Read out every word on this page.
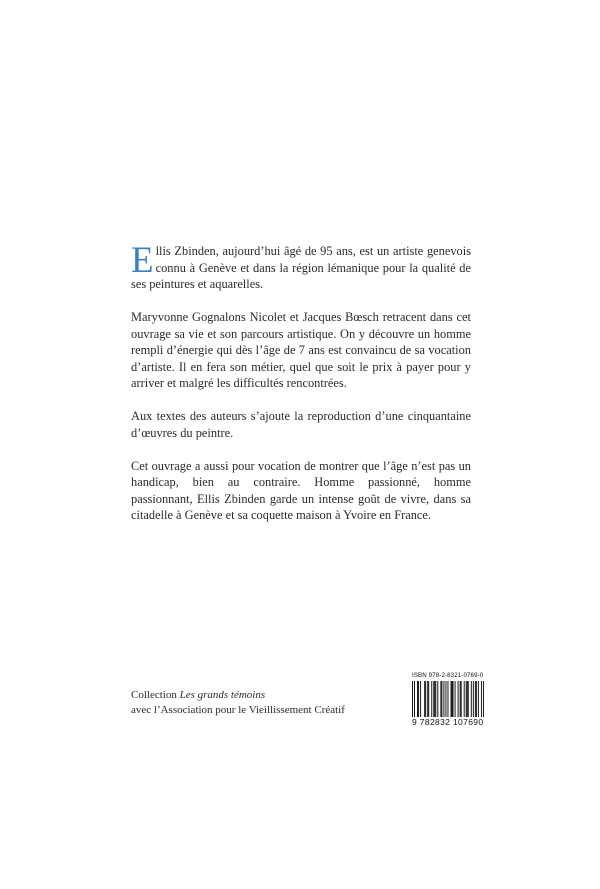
Ellis Zbinden, aujourd’hui âgé de 95 ans, est un artiste genevois connu à Genève et dans la région lémanique pour la qualité de ses peintures et aquarelles.

Maryvonne Gognalons Nicolet et Jacques Bœsch retracent dans cet ouvrage sa vie et son parcours artistique. On y découvre un homme rempli d’énergie qui dès l’âge de 7 ans est convaincu de sa vocation d’artiste. Il en fera son métier, quel que soit le prix à payer pour y arriver et malgré les difficultés rencontrées.

Aux textes des auteurs s’ajoute la reproduction d’une cinquantaine d’œuvres du peintre.

Cet ouvrage a aussi pour vocation de montrer que l’âge n’est pas un handicap, bien au contraire. Homme passionné, homme passionnant, Ellis Zbinden garde un intense goût de vivre, dans sa citadelle à Genève et sa coquette maison à Yvoire en France.

Collection Les grands témoins
avec l’Association pour le Vieillissement Créatif
ISBN 978-2-8321-0769-0
9 782832 107690
